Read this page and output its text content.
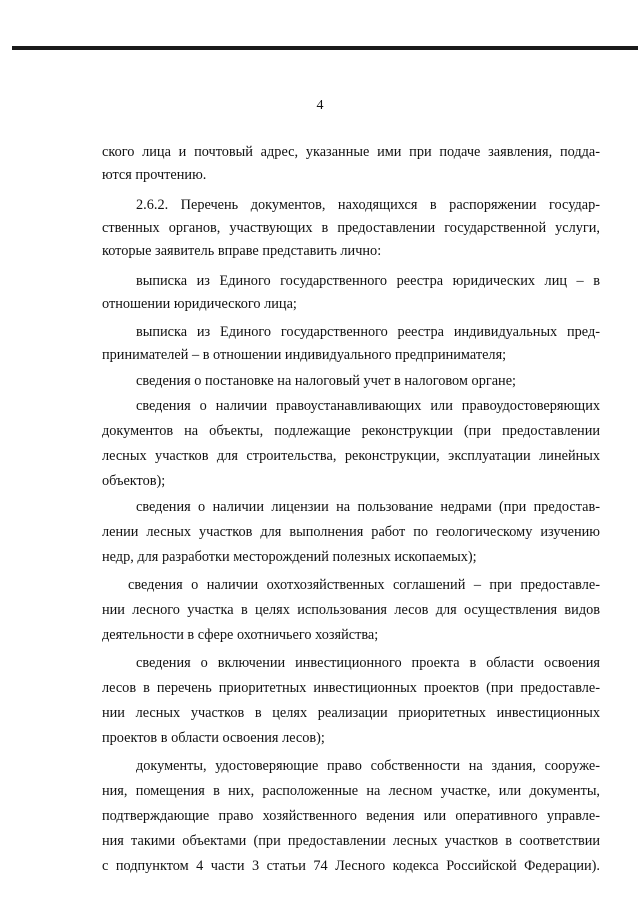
4
ского лица и почтовый адрес, указанные ими при подаче заявления, подда-
ются прочтению.
2.6.2. Перечень документов, находящихся в распоряжении государ-
ственных органов, участвующих в предоставлении государственной услуги,
которые заявитель вправе представить лично:
выписка из Единого государственного реестра юридических лиц – в
отношении юридического лица;
выписка из Единого государственного реестра индивидуальных пред-
принимателей – в отношении индивидуального предпринимателя;
сведения о постановке на налоговый учет в налоговом органе;
сведения о наличии правоустанавливающих или правоудостоверяющих
документов на объекты, подлежащие реконструкции (при предоставлении
лесных участков для строительства, реконструкции, эксплуатации линейных
объектов);
сведения о наличии лицензии на пользование недрами (при предостав-
лении лесных участков для выполнения работ по геологическому изучению
недр, для разработки месторождений полезных ископаемых);
сведения о наличии охотхозяйственных соглашений – при предоставле-
нии лесного участка в целях использования лесов для осуществления видов
деятельности в сфере охотничьего хозяйства;
сведения о включении инвестиционного проекта в области освоения
лесов в перечень приоритетных инвестиционных проектов (при предоставле-
нии лесных участков в целях реализации приоритетных инвестиционных
проектов в области освоения лесов);
документы, удостоверяющие право собственности на здания, сооруже-
ния, помещения в них, расположенные на лесном участке, или документы,
подтверждающие право хозяйственного ведения или оперативного управле-
ния такими объектами (при предоставлении лесных участков в соответствии
с подпунктом 4 части 3 статьи 74 Лесного кодекса Российской Федерации).
